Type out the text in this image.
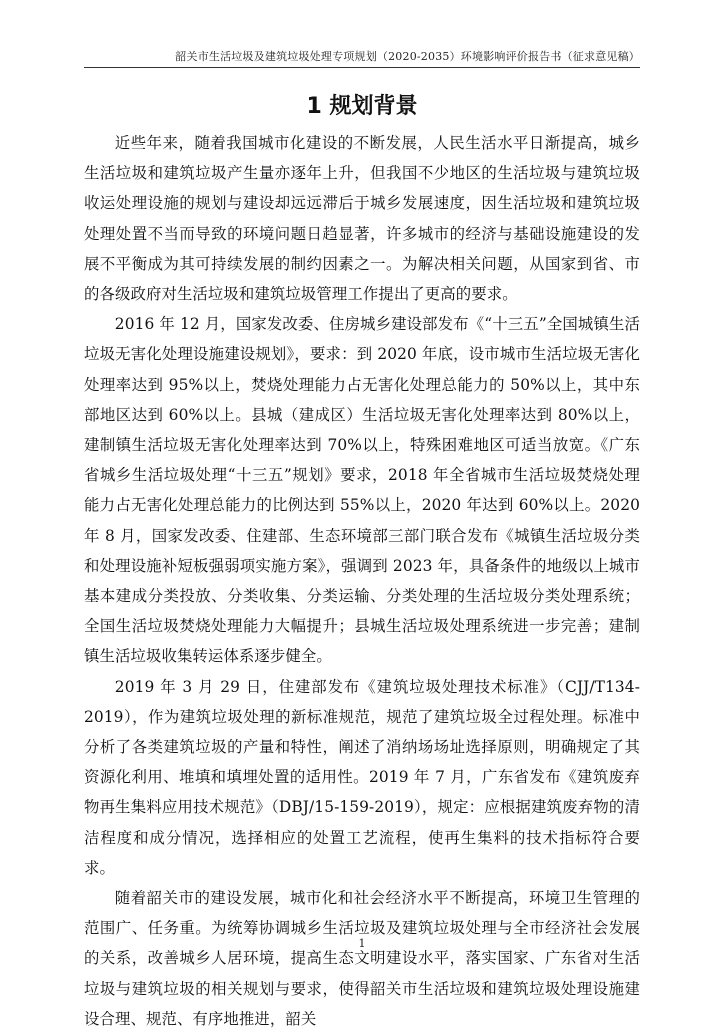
韶关市生活垃圾及建筑垃圾处理专项规划（2020-2035）环境影响评价报告书（征求意见稿）
1 规划背景

近些年来，随着我国城市化建设的不断发展，人民生活水平日渐提高，城乡生活垃圾和建筑垃圾产生量亦逐年上升，但我国不少地区的生活垃圾与建筑垃圾收运处理设施的规划与建设却远远滞后于城乡发展速度，因生活垃圾和建筑垃圾处理处置不当而导致的环境问题日趋显著，许多城市的经济与基础设施建设的发展不平衡成为其可持续发展的制约因素之一。为解决相关问题，从国家到省、市的各级政府对生活垃圾和建筑垃圾管理工作提出了更高的要求。

2016 年 12 月，国家发改委、住房城乡建设部发布《“十三五”全国城镇生活垃圾无害化处理设施建设规划》，要求：到 2020 年底，设市城市生活垃圾无害化处理率达到 95%以上，焚烧处理能力占无害化处理总能力的 50%以上，其中东部地区达到 60%以上。县城（建成区）生活垃圾无害化处理率达到 80%以上，建制镇生活垃圾无害化处理率达到 70%以上，特殊困难地区可适当放宽。《广东省城乡生活垃圾处理“十三五”规划》要求，2018 年全省城市生活垃圾焚烧处理能力占无害化处理总能力的比例达到 55%以上，2020 年达到 60%以上。2020 年 8 月，国家发改委、住建部、生态环境部三部门联合发布《城镇生活垃圾分类和处理设施补短板强弱项实施方案》，强调到 2023 年，具备条件的地级以上城市基本建成分类投放、分类收集、分类运输、分类处理的生活垃圾分类处理系统；全国生活垃圾焚烧处理能力大幅提升；县城生活垃圾处理系统进一步完善；建制镇生活垃圾收集转运体系逐步健全。

2019 年 3 月 29 日，住建部发布《建筑垃圾处理技术标准》（CJJ/T134-2019），作为建筑垃圾处理的新标准规范，规范了建筑垃圾全过程处理。标准中分析了各类建筑垃圾的产量和特性，阐述了消纳场场址选择原则，明确规定了其资源化利用、堆填和填埋处置的适用性。2019 年 7 月，广东省发布《建筑废弃物再生集料应用技术规范》（DBJ/15-159-2019），规定：应根据建筑废弃物的清洁程度和成分情况，选择相应的处置工艺流程，使再生集料的技术指标符合要求。

随着韶关市的建设发展，城市化和社会经济水平不断提高，环境卫生管理的范围广、任务重。为统筹协调城乡生活垃圾及建筑垃圾处理与全市经济社会发展的关系，改善城乡人居环境，提高生态文明建设水平，落实国家、广东省对生活垃圾与建筑垃圾的相关规划与要求，使得韶关市生活垃圾和建筑垃圾处理设施建设合理、规范、有序地推进，韶关

1
